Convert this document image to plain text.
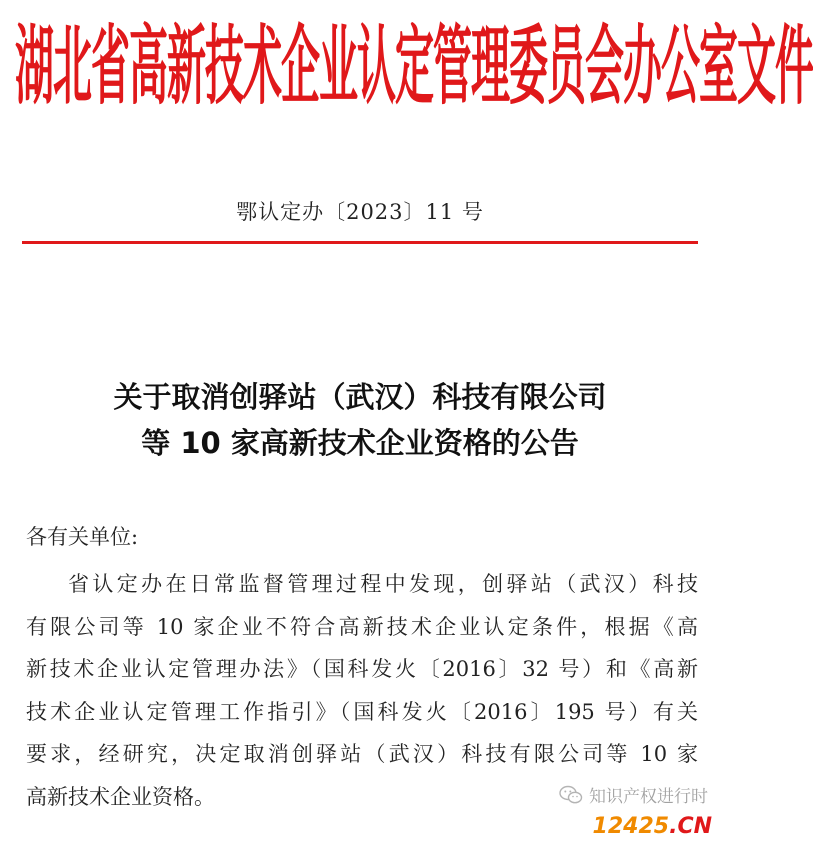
湖北省高新技术企业认定管理委员会办公室文件
鄂认定办〔2023〕11 号
关于取消创驿站（武汉）科技有限公司
等 10 家高新技术企业资格的公告
各有关单位:
省认定办在日常监督管理过程中发现，创驿站（武汉）科技
有限公司等 10 家企业不符合高新技术企业认定条件，根据《高
新技术企业认定管理办法》（国科发火〔2016〕32 号）和《高新
技术企业认定管理工作指引》（国科发火〔2016〕195 号）有关
要求，经研究，决定取消创驿站（武汉）科技有限公司等 10 家
高新技术企业资格。	知识产权进行时
12425 . CN
